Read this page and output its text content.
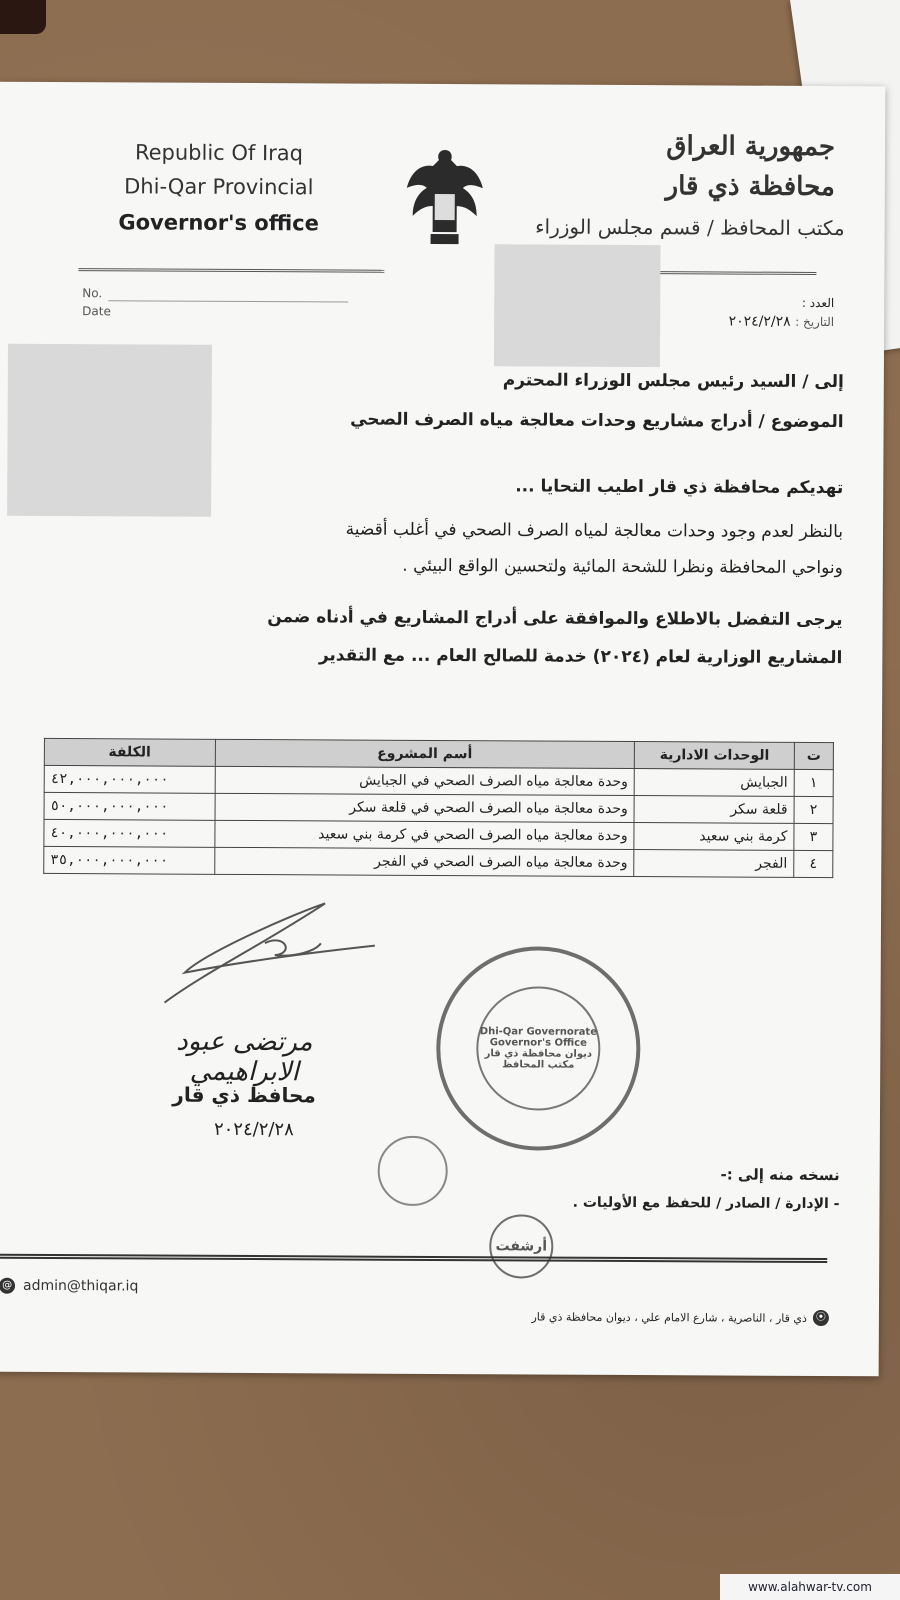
Republic Of Iraq
Dhi-Qar Provincial
Governor's office
جمهورية العراق
محافظة ذي قار
مكتب المحافظ / قسم مجلس الوزراء
No.
Date
العدد :
التاريخ : ٢٠٢٤/٢/٢٨
إلى / السيد رئيس مجلس الوزراء المحترم
الموضوع / أدراج مشاريع وحدات معالجة مياه الصرف الصحي
تهديكم محافظة ذي قار اطيب التحايا ...
بالنظر لعدم وجود وحدات معالجة لمياه الصرف الصحي في أغلب أقضية
ونواحي المحافظة ونظرا للشحة المائية ولتحسين الواقع البيئي .
يرجى التفضل بالاطلاع والموافقة على أدراج المشاريع في أدناه ضمن
المشاريع الوزارية لعام (٢٠٢٤) خدمة للصالح العام ... مع التقدير
ت	الوحدات الادارية	أسم المشروع	الكلفة
١	الجبايش	وحدة معالجة مياه الصرف الصحي في الجبايش	٤٢,٠٠٠,٠٠٠,٠٠٠
٢	قلعة سكر	وحدة معالجة مياه الصرف الصحي في قلعة سكر	٥٠,٠٠٠,٠٠٠,٠٠٠
٣	كرمة بني سعيد	وحدة معالجة مياه الصرف الصحي في كرمة بني سعيد	٤٠,٠٠٠,٠٠٠,٠٠٠
٤	الفجر	وحدة معالجة مياه الصرف الصحي في الفجر	٣٥,٠٠٠,٠٠٠,٠٠٠
مرتضى عبود الابراهيمي
محافظ ذي قار
٢٠٢٤/٢/٢٨
Dhi-Qar Governorate Governor's Office
ديوان محافظة ذي قار مكتب المحافظ
نسخه منه إلى :-
- الإدارة / الصادر / للحفظ مع الأوليات .
أرشفت
@ admin@thiqar.iq
⦿
ذي قار ، الناصرية ، شارع الامام علي ، ديوان محافظة ذي قار
www.alahwar-tv.com
